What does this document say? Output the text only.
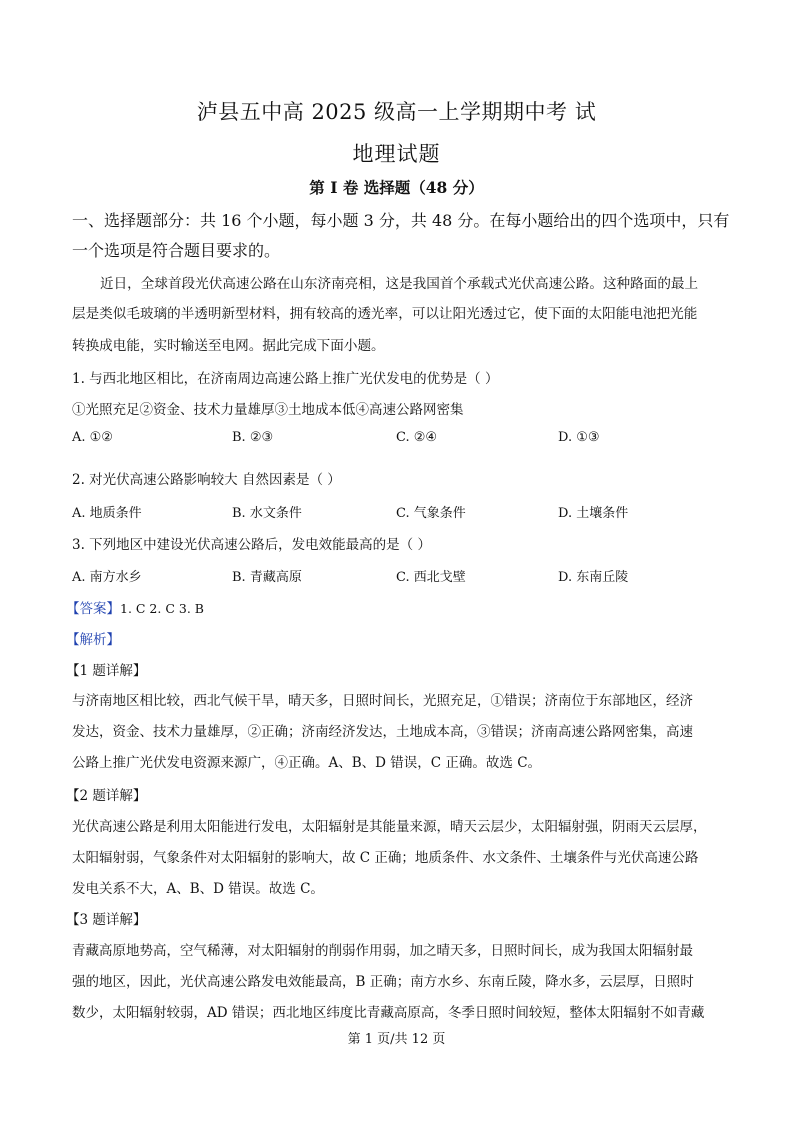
泸县五中高 2025 级高一上学期期中考 试
地理试题
第 I 卷 选择题（48 分）
一、选择题部分：共 16 个小题，每小题 3 分，共 48 分。在每小题给出的四个选项中，只有
一个选项是符合题目要求的。
近日，全球首段光伏高速公路在山东济南亮相，这是我国首个承载式光伏高速公路。这种路面的最上
层是类似毛玻璃的半透明新型材料，拥有较高的透光率，可以让阳光透过它，使下面的太阳能电池把光能
转换成电能，实时输送至电网。据此完成下面小题。
1. 与西北地区相比，在济南周边高速公路上推广光伏发电的优势是（ ）
①光照充足②资金、技术力量雄厚③土地成本低④高速公路网密集
A. ①②	B. ②③	C. ②④	D. ①③
2. 对光伏高速公路影响较大 自然因素是（ ）
A. 地质条件	B. 水文条件	C. 气象条件	D. 土壤条件
3. 下列地区中建设光伏高速公路后，发电效能最高的是（ ）
A. 南方水乡	B. 青藏高原	C. 西北戈壁	D. 东南丘陵
【答案】1. C 2. C 3. B
【解析】
【1 题详解】
与济南地区相比较，西北气候干旱，晴天多，日照时间长，光照充足，①错误；济南位于东部地区，经济
发达，资金、技术力量雄厚，②正确；济南经济发达，土地成本高，③错误；济南高速公路网密集，高速
公路上推广光伏发电资源来源广，④正确。A、B、D 错误，C 正确。故选 C。
【2 题详解】
光伏高速公路是利用太阳能进行发电，太阳辐射是其能量来源，晴天云层少，太阳辐射强，阴雨天云层厚，
太阳辐射弱，气象条件对太阳辐射的影响大，故 C 正确；地质条件、水文条件、土壤条件与光伏高速公路
发电关系不大，A、B、D 错误。故选 C。
【3 题详解】
青藏高原地势高，空气稀薄，对太阳辐射的削弱作用弱，加之晴天多，日照时间长，成为我国太阳辐射最
强的地区，因此，光伏高速公路发电效能最高，B 正确；南方水乡、东南丘陵，降水多，云层厚，日照时
数少，太阳辐射较弱，AD 错误；西北地区纬度比青藏高原高，冬季日照时间较短，整体太阳辐射不如青藏
第 1 页/共 12 页
